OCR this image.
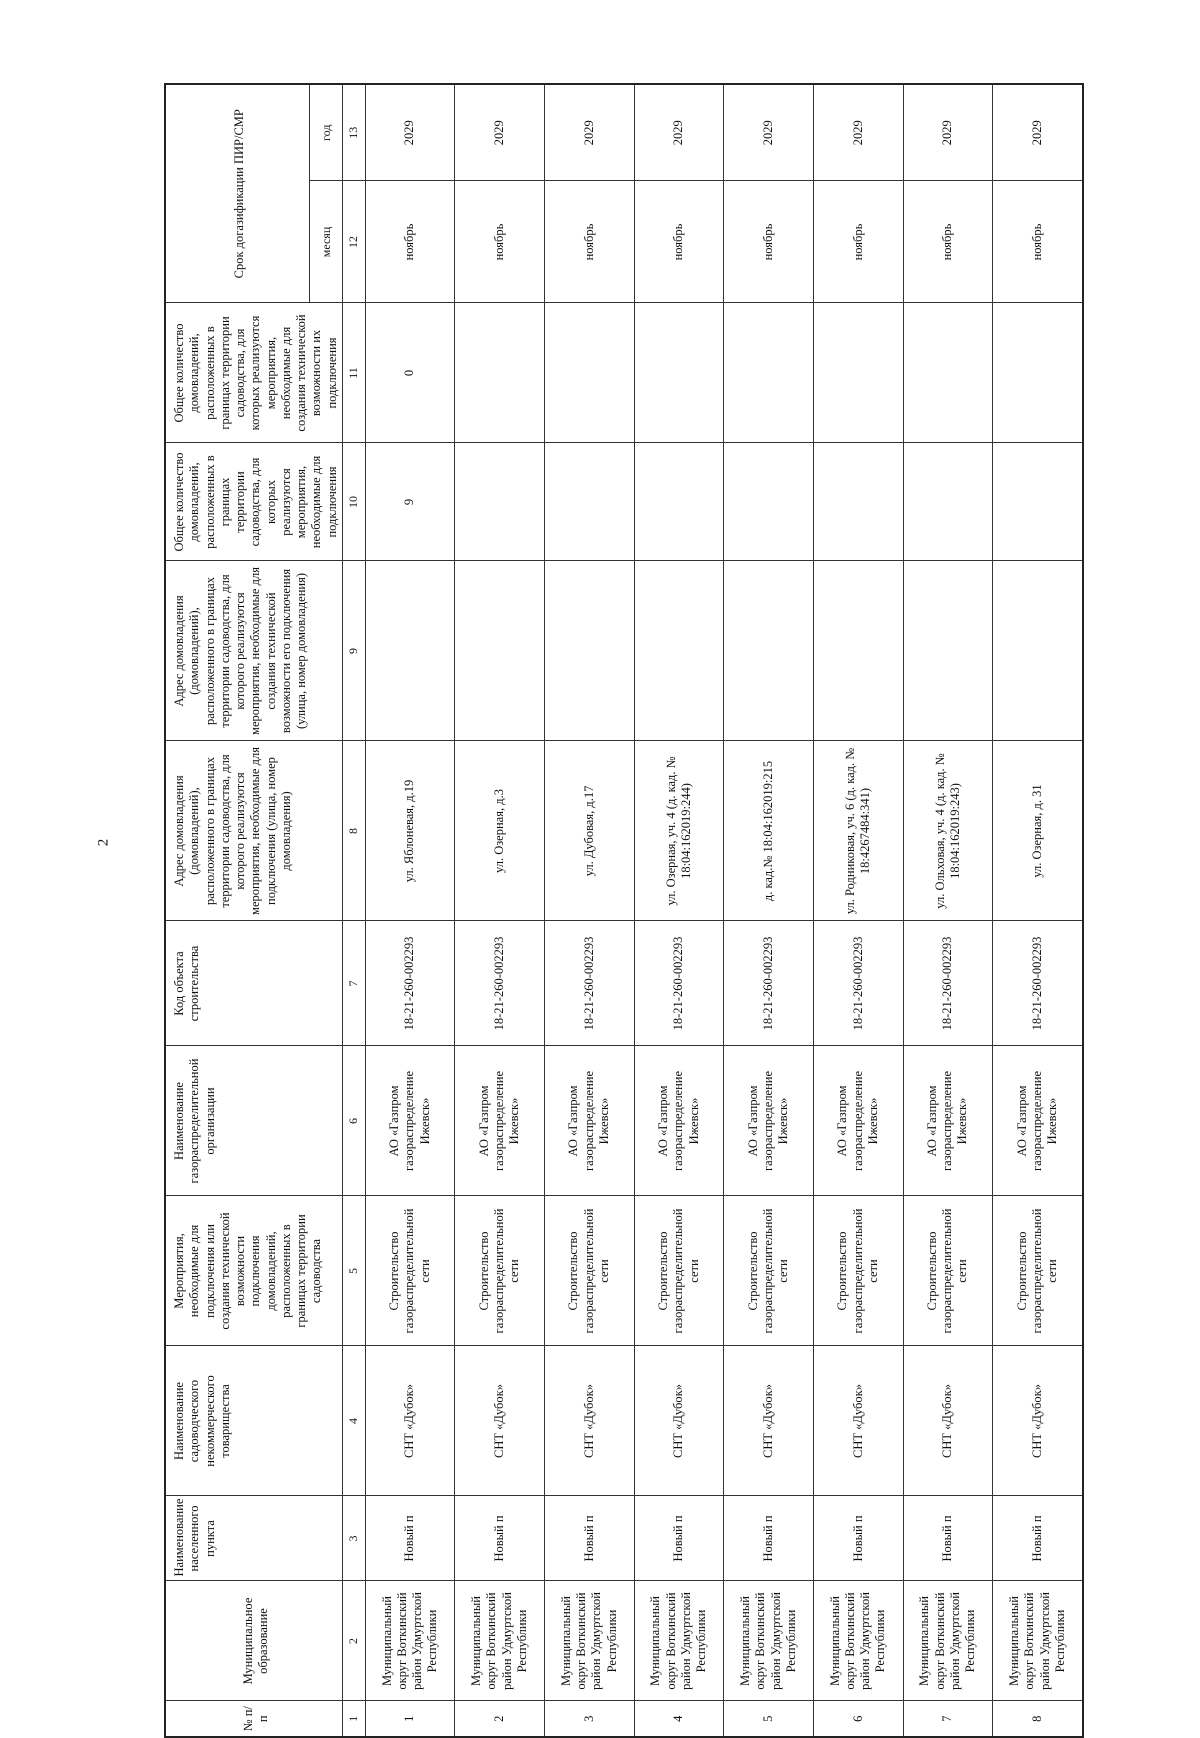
2
№ п/п	Муниципальное образование	Наименование населенного пункта	Наименование садоводческого некоммерческого товарищества	Мероприятия, необходимые для подключения или создания технической возможности подключения домовладений, расположенных в границах территории садоводства	Наименование газораспределительной организации	Код объекта строительства	Адрес домовладения (домовладений), расположенного в границах территории садоводства, для которого реализуются мероприятия, необходимые для подключения (улица, номер домовладения)	Адрес домовладения (домовладений), расположенного в границах территории садоводства, для которого реализуются мероприятия, необходимые для создания технической возможности его подключения (улица, номер домовладения)	Общее количество домовладений, расположенных в границах территории садоводства, для которых реализуются мероприятия, необходимые для подключения	Общее количество домовладений, расположенных в границах территории садоводства, для которых реализуются мероприятия, необходимые для создания технической возможности их подключения	Срок догазификации ПИР/СМР	
											месяц	год
1	2	3	4	5	6	7	8	9	10	11	12	13
1	Муниципальный округ Воткинский район Удмуртской Республики	Новый п	СНТ «Дубок»	Строительство газораспределительной сети	АО «Газпром газораспределение Ижевск»	18-21-260-002293	ул. Яблоневая, д.19		9	0	ноябрь	2029
2	Муниципальный округ Воткинский район Удмуртской Республики	Новый п	СНТ «Дубок»	Строительство газораспределительной сети	АО «Газпром газораспределение Ижевск»	18-21-260-002293	ул. Озерная, д.3				ноябрь	2029
3	Муниципальный округ Воткинский район Удмуртской Республики	Новый п	СНТ «Дубок»	Строительство газораспределительной сети	АО «Газпром газораспределение Ижевск»	18-21-260-002293	ул. Дубовая, д.17				ноябрь	2029
4	Муниципальный округ Воткинский район Удмуртской Республики	Новый п	СНТ «Дубок»	Строительство газораспределительной сети	АО «Газпром газораспределение Ижевск»	18-21-260-002293	ул. Озерная, уч. 4 (д. кад. № 18:04:162019:244)				ноябрь	2029
5	Муниципальный округ Воткинский район Удмуртской Республики	Новый п	СНТ «Дубок»	Строительство газораспределительной сети	АО «Газпром газораспределение Ижевск»	18-21-260-002293	д. кад.№ 18:04:162019:215				ноябрь	2029
6	Муниципальный округ Воткинский район Удмуртской Республики	Новый п	СНТ «Дубок»	Строительство газораспределительной сети	АО «Газпром газораспределение Ижевск»	18-21-260-002293	ул. Родниковая, уч. 6 (д. кад. № 18:4267484:341)				ноябрь	2029
7	Муниципальный округ Воткинский район Удмуртской Республики	Новый п	СНТ «Дубок»	Строительство газораспределительной сети	АО «Газпром газораспределение Ижевск»	18-21-260-002293	ул. Ольховая, уч. 4 (д. кад. № 18:04:162019:243)				ноябрь	2029
8	Муниципальный округ Воткинский район Удмуртской Республики	Новый п	СНТ «Дубок»	Строительство газораспределительной сети	АО «Газпром газораспределение Ижевск»	18-21-260-002293	ул. Озерная, д. 31				ноябрь	2029
